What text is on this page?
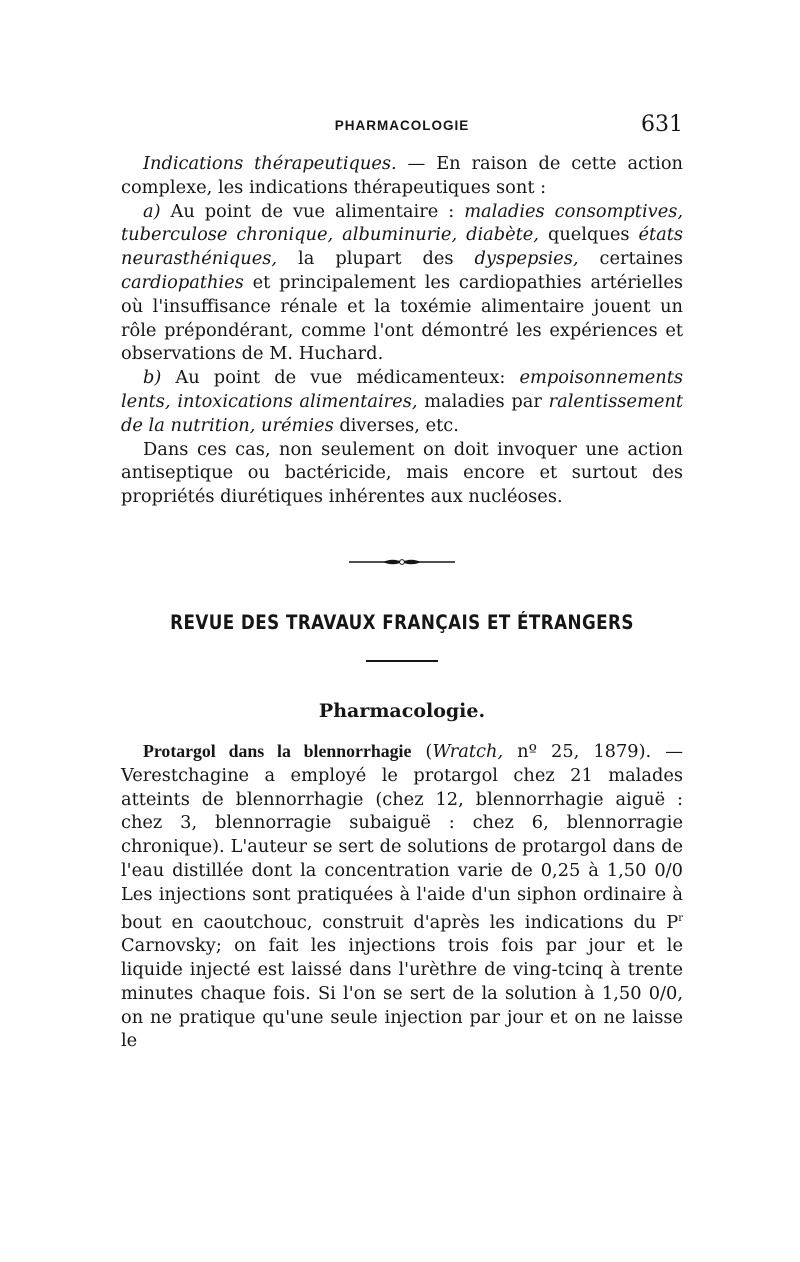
PHARMACOLOGIE	631

Indications thérapeutiques. — En raison de cette action complexe, les indications thérapeutiques sont :

a) Au point de vue alimentaire : maladies consomptives, tuberculose chronique, albuminurie, diabète, quelques états neurasthéniques, la plupart des dyspepsies, certaines cardiopathies et principalement les cardiopathies artérielles où l'insuffisance rénale et la toxémie alimentaire jouent un rôle prépondérant, comme l'ont démontré les expériences et observations de M. Huchard.

b) Au point de vue médicamenteux: empoisonnements lents, intoxications alimentaires, maladies par ralentissement de la nutrition, urémies diverses, etc.

Dans ces cas, non seulement on doit invoquer une action antiseptique ou bactéricide, mais encore et surtout des propriétés diurétiques inhérentes aux nucléoses.

REVUE DES TRAVAUX FRANÇAIS ET ÉTRANGERS
Pharmacologie.

Protargol dans la blennorrhagie (Wratch, nº 25, 1879). — Verestchagine a employé le protargol chez 21 malades atteints de blennorrhagie (chez 12, blennorrhagie aiguë : chez 3, blennorragie subaiguë : chez 6, blennorragie chronique). L'auteur se sert de solutions de protargol dans de l'eau distillée dont la concentration varie de 0,25 à 1,50 0/0 Les injections sont pratiquées à l'aide d'un siphon ordinaire à bout en caoutchouc, construit d'après les indications du $P^r$ Carnovsky; on fait les injections trois fois par jour et le liquide injecté est laissé dans l'urèthre de ving-tcinq à trente minutes chaque fois. Si l'on se sert de la solution à 1,50 0/0, on ne pratique qu'une seule injection par jour et on ne laisse le
